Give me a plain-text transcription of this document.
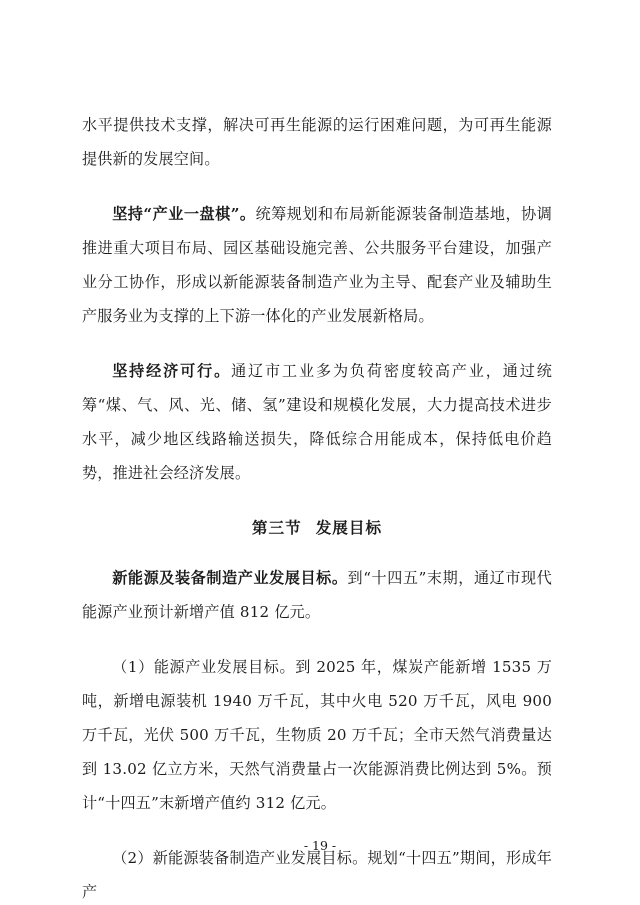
水平提供技术支撑，解决可再生能源的运行困难问题，为可再生能源提供新的发展空间。

坚持“产业一盘棋”。统筹规划和布局新能源装备制造基地，协调推进重大项目布局、园区基础设施完善、公共服务平台建设，加强产业分工协作，形成以新能源装备制造产业为主导、配套产业及辅助生产服务业为支撑的上下游一体化的产业发展新格局。

坚持经济可行。通辽市工业多为负荷密度较高产业，通过统筹“煤、气、风、光、储、氢”建设和规模化发展，大力提高技术进步水平，减少地区线路输送损失，降低综合用能成本，保持低电价趋势，推进社会经济发展。

第三节 发展目标

新能源及装备制造产业发展目标。到“十四五”末期，通辽市现代能源产业预计新增产值 812 亿元。

（1）能源产业发展目标。到 2025 年，煤炭产能新增 1535 万吨，新增电源装机 1940 万千瓦，其中火电 520 万千瓦，风电 900 万千瓦，光伏 500 万千瓦，生物质 20 万千瓦；全市天然气消费量达到 13.02 亿立方米，天然气消费量占一次能源消费比例达到 5%。预计“十四五”末新增产值约 312 亿元。

（2）新能源装备制造产业发展目标。规划“十四五”期间，形成年产

- 19 -
